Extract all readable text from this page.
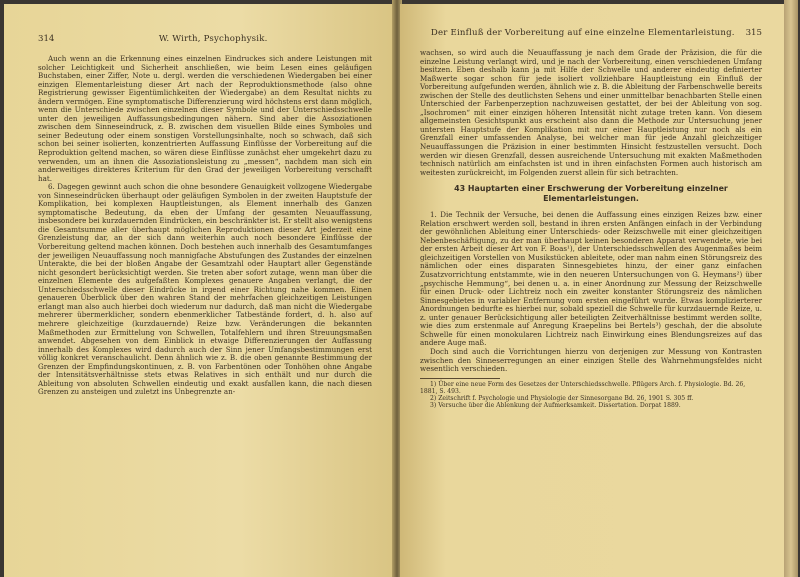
314	W. Wirth, Psychophysik.

Auch wenn an die Erkennung eines einzelnen Eindruckes sich andere Leistungen mit solcher Leichtigkeit und Sicherheit anschließen, wie beim Lesen eines geläufigen Buchstaben, einer Ziffer, Note u. dergl. werden die verschiedenen Wiedergaben bei einer einzigen Elementarleistung dieser Art nach der Reproduktionsmethode (also ohne Registrierung gewisser Eigentümlichkeiten der Wiedergabe) an dem Resultat nichts zu ändern vermögen. Eine symptomatische Differenzierung wird höchstens erst dann möglich, wenn die Unterschiede zwischen einzelnen dieser Symbole und der Unterschiedsschwelle unter den jeweiligen Auffassungsbedingungen nähern. Sind aber die Assoziationen zwischen dem Sinneseindruck, z. B. zwischen dem visuellen Bilde eines Symboles und seiner Bedeutung oder einem sonstigen Vorstellungsinhalte, noch so schwach, daß sich schon bei seiner isolierten, konzentrierten Auffassung Einflüsse der Vorbereitung auf die Reproduktion geltend machen, so wären diese Einflüsse zunächst eher umgekehrt dazu zu verwenden, um an ihnen die Assoziationsleistung zu „messen“, nachdem man sich ein anderweitiges direkteres Kriterium für den Grad der jeweiligen Vorbereitung verschafft hat.

6. Dagegen gewinnt auch schon die ohne besondere Genauigkeit vollzogene Wiedergabe von Sinneseindrücken überhaupt oder geläufigen Symbolen in der zweiten Hauptstufe der Komplikation, bei komplexen Hauptleistungen, als Element innerhalb des Ganzen symptomatische Bedeutung, da eben der Umfang der gesamten Neuauffassung, insbesondere bei kurzdauernden Eindrücken, ein beschränkter ist. Er stellt also wenigstens die Gesamtsumme aller überhaupt möglichen Reproduktionen dieser Art jederzeit eine Grenzleistung dar, an der sich dann weiterhin auch noch besondere Einflüsse der Vorbereitung geltend machen können. Doch bestehen auch innerhalb des Gesamtumfanges der jeweiligen Neuauffassung noch mannigfache Abstufungen des Zustandes der einzelnen Unterakte, die bei der bloßen Angabe der Gesamtzahl oder Hauptart aller Gegenstände nicht gesondert berücksichtigt werden. Sie treten aber sofort zutage, wenn man über die einzelnen Elemente des aufgefaßten Komplexes genauere Angaben verlangt, die der Unterschiedsschwelle dieser Eindrücke in irgend einer Richtung nahe kommen. Einen genaueren Überblick über den wahren Stand der mehrfachen gleichzeitigen Leistungen erlangt man also auch hierbei doch wiederum nur dadurch, daß man nicht die Wiedergabe mehrerer übermerklicher, sondern ebenmerklicher Tatbestände fordert, d. h. also auf mehrere gleichzeitige (kurzdauernde) Reize bzw. Veränderungen die bekannten Maßmethoden zur Ermittelung von Schwellen, Totalfehlern und ihren Streuungsmaßen anwendet. Abgesehen von dem Einblick in etwaige Differenzierungen der Auffassung innerhalb des Komplexes wird dadurch auch der Sinn jener Umfangsbestimmungen erst völlig konkret veranschaulicht. Denn ähnlich wie z. B. die oben genannte Bestimmung der Grenzen der Empfindungskontinuen, z. B. von Farbentönen oder Tonhöhen ohne Angabe der Intensitätsverhältnisse stets etwas Relatives in sich enthält und nur durch die Ableitung von absoluten Schwellen eindeutig und exakt ausfallen kann, die nach diesen Grenzen zu ansteigen und zuletzt ins Unbegrenzte an-

Der Einfluß der Vorbereitung auf eine einzelne Elementarleistung.	315

wachsen, so wird auch die Neuauffassung je nach dem Grade der Präzision, die für die einzelne Leistung verlangt wird, und je nach der Vorbereitung, einen verschiedenen Umfang besitzen. Eben deshalb kann ja mit Hilfe der Schwelle und anderer eindeutig definierter Maßwerte sogar schon für jede isoliert vollziehbare Hauptleistung ein Einfluß der Vorbereitung aufgefunden werden, ähnlich wie z. B. die Ableitung der Farbenschwelle bereits zwischen der Stelle des deutlichsten Sehens und einer unmittelbar benachbarten Stelle einen Unterschied der Farbenperzeption nachzuweisen gestattet, der bei der Ableitung von sog. „Isochromen“ mit einer einzigen höheren Intensität nicht zutage treten kann. Von diesem allgemeinsten Gesichtspunkt aus erscheint also dann die Methode zur Untersuchung jener untersten Hauptstufe der Komplikation mit nur einer Hauptleistung nur noch als ein Grenzfall einer umfassenden Analyse, bei welcher man für jede Anzahl gleichzeitiger Neuauffassungen die Präzision in einer bestimmten Hinsicht festzustellen versucht. Doch werden wir diesen Grenzfall, dessen ausreichende Untersuchung mit exakten Maßmethoden technisch natürlich am einfachsten ist und in ihren einfachsten Formen auch historisch am weitesten zurückreicht, im Folgenden zuerst allein für sich betrachten.

43 Hauptarten einer Erschwerung der Vorbereitung einzelner Elementarleistungen.

1. Die Technik der Versuche, bei denen die Auffassung eines einzigen Reizes bzw. einer Relation erschwert werden soll, bestand in ihren ersten Anfängen einfach in der Verbindung der gewöhnlichen Ableitung einer Unterschieds- oder Reizschwelle mit einer gleichzeitigen Nebenbeschäftigung, zu der man überhaupt keinen besonderen Apparat verwendete, wie bei der ersten Arbeit dieser Art von F. Boas¹), der Unterschiedsschwellen des Augenmaßes beim gleichzeitigen Vorstellen von Musikstücken ableitete, oder man nahm einen Störungsreiz des nämlichen oder eines disparaten Sinnesgebietes hinzu, der einer ganz einfachen Zusatzvorrichtung entstammte, wie in den neueren Untersuchungen von G. Heymans²) über „psychische Hemmung“, bei denen u. a. in einer Anordnung zur Messung der Reizschwelle für einen Druck- oder Lichtreiz noch ein zweiter konstanter Störungsreiz des nämlichen Sinnesgebietes in variabler Entfernung vom ersten eingeführt wurde. Etwas komplizierterer Anordnungen bedurfte es hierbei nur, sobald speziell die Schwelle für kurzdauernde Reize, u. z. unter genauer Berücksichtigung aller beteiligten Zeitverhältnisse bestimmt werden sollte, wie dies zum erstenmale auf Anregung Kraepelins bei Bertels³) geschah, der die absolute Schwelle für einen monokularen Lichtreiz nach Einwirkung eines Blendungsreizes auf das andere Auge maß.

Doch sind auch die Vorrichtungen hierzu von derjenigen zur Messung von Kontrasten zwischen den Sinneserregungen an einer einzigen Stelle des Wahrnehmungsfeldes nicht wesentlich verschieden.

1) Über eine neue Form des Gesetzes der Unterschiedsschwelle. Pflügers Arch. f. Physiologie. Bd. 26, 1881, S. 493.

2) Zeitschrift f. Psychologie und Physiologie der Sinnesorgane Bd. 26, 1901 S. 305 ff.

3) Versuche über die Ablenkung der Aufmerksamkeit. Dissertation. Dorpat 1889.
